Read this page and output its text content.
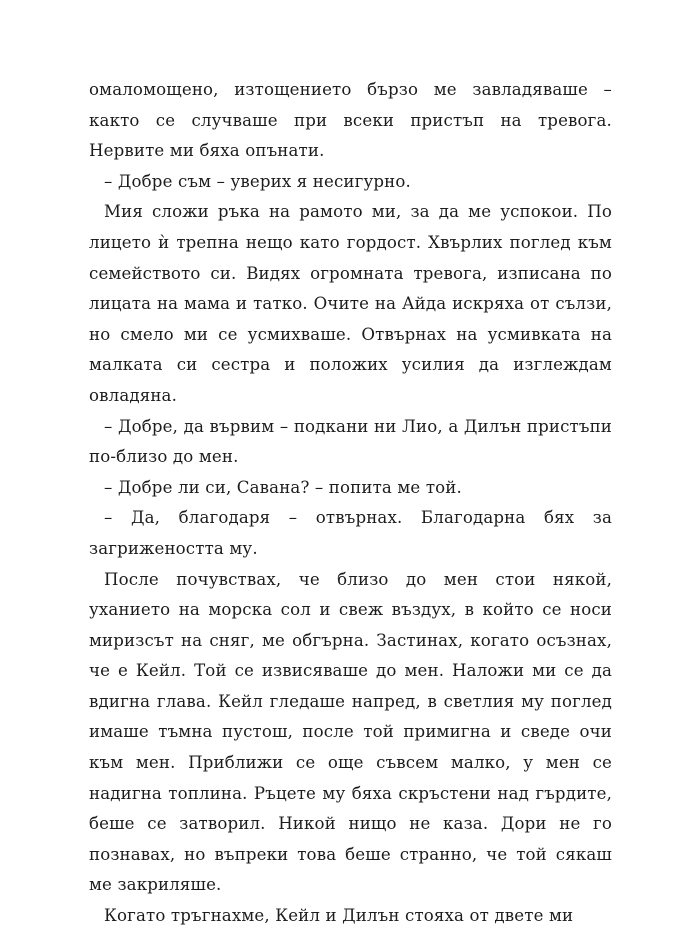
омаломощено, изтощението бързо ме завладяваше – както се случваше при всеки пристъп на тревога. Нервите ми бяха опънати.

– Добре съм – уверих я несигурно.

Мия сложи ръка на рамото ми, за да ме успокои. По лицето ѝ трепна нещо като гордост. Хвърлих поглед към семейството си. Видях огромната тревога, изписана по лицата на мама и татко. Очите на Айда искряха от сълзи, но смело ми се усмихваше. Отвърнах на усмивката на малката си сестра и положих усилия да изглеждам овладяна.

– Добре, да вървим – подкани ни Лио, а Дилън пристъпи по-близо до мен.

– Добре ли си, Савана? – попита ме той.

– Да, благодаря – отвърнах. Благодарна бях за загрижеността му.

После почувствах, че близо до мен стои някой, уханието на морска сол и свеж въздух, в който се носи миризсът на сняг, ме обгърна. Застинах, когато осъзнах, че е Кейл. Той се извисяваше до мен. Наложи ми се да вдигна глава. Кейл гледаше напред, в светлия му поглед имаше тъмна пустош, после той примигна и сведе очи към мен. Приближи се още съвсем малко, у мен се надигна топлина. Ръцете му бяха скръстени над гърдите, беше се затворил. Никой нищо не каза. Дори не го познавах, но въпреки това беше странно, че той сякаш ме закриляше.

Когато тръгнахме, Кейл и Дилън стояха от двете ми
